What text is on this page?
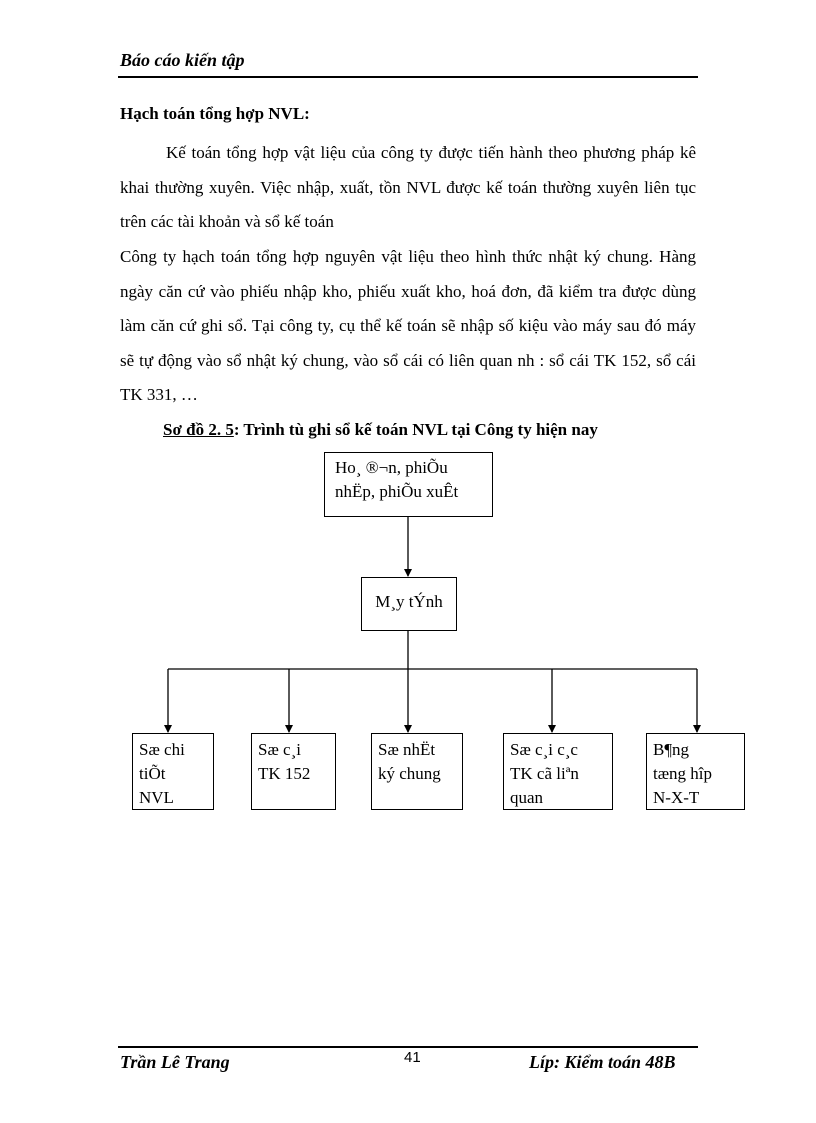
Báo cáo kiến tập
Hạch toán tổng hợp NVL:
Kế toán tổng hợp vật liệu của công ty được tiến hành theo phương pháp kê khai thường xuyên. Việc nhập, xuất, tồn NVL được kế toán thường xuyên liên tục trên các tài khoản và sổ kế toán
Công ty hạch toán tổng hợp nguyên vật liệu theo hình thức nhật ký chung. Hàng ngày căn cứ vào phiếu nhập kho, phiếu xuất kho, hoá đơn, đã kiểm tra được dùng làm căn cứ ghi sổ. Tại công ty, cụ thể kế toán sẽ nhập số kiệu vào máy sau đó máy sẽ tự động vào sổ nhật ký chung, vào sổ cái có liên quan nh : sổ cái TK 152, sổ cái TK 331, …
Sơ đồ 2. 5: Trình tù ghi sổ kế toán NVL tại Công ty hiện nay
Ho¸ ®¬n, phiÕu
nhËp, phiÕu xuÊt
M¸y tÝnh
Sæ chi
tiÕt
NVL
Sæ c¸i
TK 152
Sæ nhËt
ký chung
Sæ c¸i c¸c
TK cã liªn
quan
B¶ng
tæng hîp
N-X-T
Trần Lê Trang	41	Líp: Kiểm toán 48B
